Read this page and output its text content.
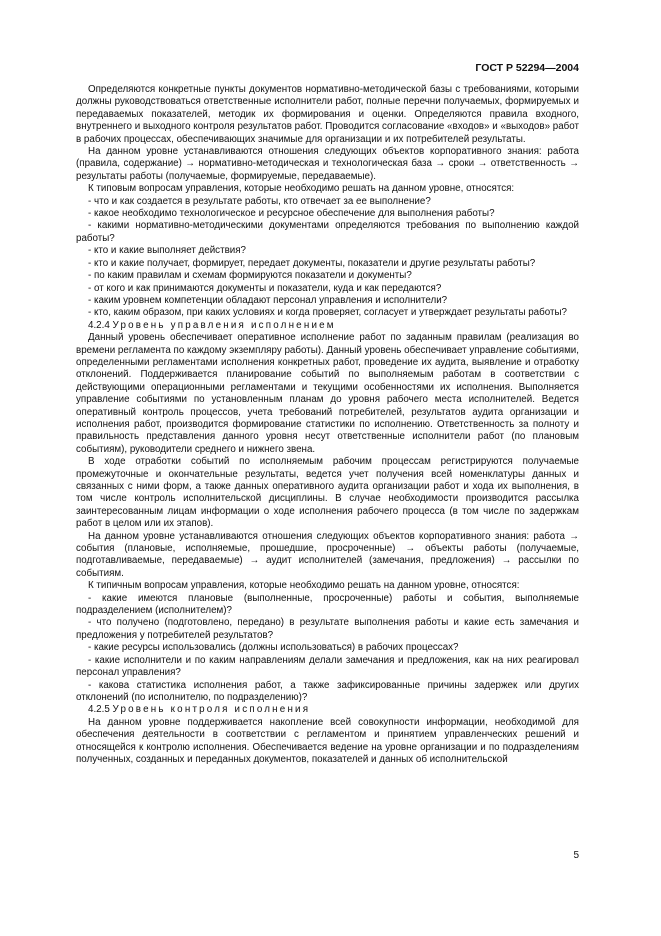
ГОСТ Р 52294—2004

Определяются конкретные пункты документов нормативно-методической базы с требованиями, которыми должны руководствоваться ответственные исполнители работ, полные перечни получаемых, формируемых и передаваемых показателей, методик их формирования и оценки. Определяются правила входного, внутреннего и выходного контроля результатов работ. Проводится согласование «входов» и «выходов» работ в рабочих процессах, обеспечивающих значимые для организации и их потребителей результаты.

На данном уровне устанавливаются отношения следующих объектов корпоративного знания: работа (правила, содержание) → нормативно-методическая и технологическая база → сроки → ответственность → результаты работы (получаемые, формируемые, передаваемые).

К типовым вопросам управления, которые необходимо решать на данном уровне, относятся:

- что и как создается в результате работы, кто отвечает за ее выполнение?

- какое необходимо технологическое и ресурсное обеспечение для выполнения работы?

- какими нормативно-методическими документами определяются требования по выполнению каждой работы?

- кто и какие выполняет действия?

- кто и какие получает, формирует, передает документы, показатели и другие результаты работы?

- по каким правилам и схемам формируются показатели и документы?

- от кого и как принимаются документы и показатели, куда и как передаются?

- каким уровнем компетенции обладают персонал управления и исполнители?

- кто, каким образом, при каких условиях и когда проверяет, согласует и утверждает результаты работы?

4.2.4 Уровень управления исполнением

Данный уровень обеспечивает оперативное исполнение работ по заданным правилам (реализация во времени регламента по каждому экземпляру работы). Данный уровень обеспечивает управление событиями, определенными регламентами исполнения конкретных работ, проведение их аудита, выявление и отработку отклонений. Поддерживается планирование событий по выполняемым работам в соответствии с действующими операционными регламентами и текущими особенностями их исполнения. Выполняется управление событиями по установленным планам до уровня рабочего места исполнителей. Ведется оперативный контроль процессов, учета требований потребителей, результатов аудита организации и исполнения работ, производится формирование статистики по исполнению. Ответственность за полноту и правильность представления данного уровня несут ответственные исполнители работ (по плановым событиям), руководители среднего и нижнего звена.

В ходе отработки событий по исполняемым рабочим процессам регистрируются получаемые промежуточные и окончательные результаты, ведется учет получения всей номенклатуры данных и связанных с ними форм, а также данных оперативного аудита организации работ и хода их выполнения, в том числе контроль исполнительской дисциплины. В случае необходимости производится рассылка заинтересованным лицам информации о ходе исполнения рабочего процесса (в том числе по задержкам работ в целом или их этапов).

На данном уровне устанавливаются отношения следующих объектов корпоративного знания: работа → события (плановые, исполняемые, прошедшие, просроченные) → объекты работы (получаемые, подготавливаемые, передаваемые) → аудит исполнителей (замечания, предложения) → рассылки по событиям.

К типичным вопросам управления, которые необходимо решать на данном уровне, относятся:

- какие имеются плановые (выполненные, просроченные) работы и события, выполняемые подразделением (исполнителем)?

- что получено (подготовлено, передано) в результате выполнения работы и какие есть замечания и предложения у потребителей результатов?

- какие ресурсы использовались (должны использоваться) в рабочих процессах?

- какие исполнители и по каким направлениям делали замечания и предложения, как на них реагировал персонал управления?

- какова статистика исполнения работ, а также зафиксированные причины задержек или других отклонений (по исполнителю, по подразделению)?

4.2.5 Уровень контроля исполнения

На данном уровне поддерживается накопление всей совокупности информации, необходимой для обеспечения деятельности в соответствии с регламентом и принятием управленческих решений и относящейся к контролю исполнения. Обеспечивается ведение на уровне организации и по подразделениям полученных, созданных и переданных документов, показателей и данных об исполнительской

5
